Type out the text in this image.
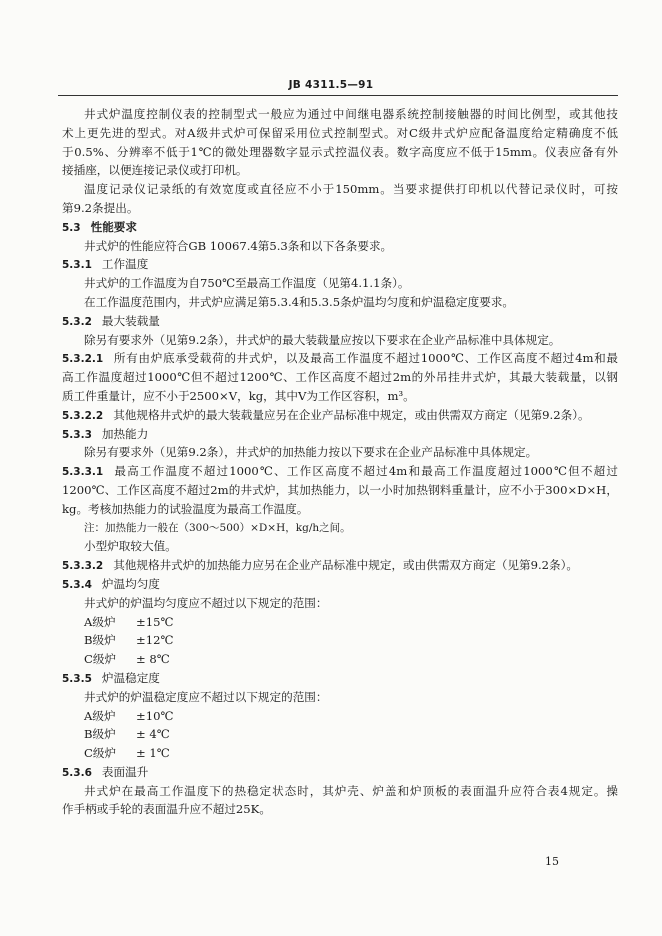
JB 4311.5—91
井式炉温度控制仪表的控制型式一般应为通过中间继电器系统控制接触器的时间比例型，或其他技
术上更先进的型式。对A级井式炉可保留采用位式控制型式。对C级井式炉应配备温度给定精确度不低
于0.5%、分辨率不低于1℃的微处理器数字显示式控温仪表。数字高度应不低于15mm。仪表应备有外
接插座，以便连接记录仪或打印机。
温度记录仪记录纸的有效宽度或直径应不小于150mm。当要求提供打印机以代替记录仪时，可按
第9.2条提出。
5.3 性能要求
井式炉的性能应符合GB 10067.4第5.3条和以下各条要求。
5.3.1 工作温度
井式炉的工作温度为自750℃至最高工作温度（见第4.1.1条）。
在工作温度范围内，井式炉应满足第5.3.4和5.3.5条炉温均匀度和炉温稳定度要求。
5.3.2 最大装载量
除另有要求外（见第9.2条），井式炉的最大装载量应按以下要求在企业产品标准中具体规定。
5.3.2.1 所有由炉底承受载荷的井式炉，以及最高工作温度不超过1000℃、工作区高度不超过4m和最
高工作温度超过1000℃但不超过1200℃、工作区高度不超过2m的外吊挂井式炉，其最大装载量，以钢
质工件重量计，应不小于2500×V，kg，其中V为工作区容积，m³。
5.3.2.2 其他规格井式炉的最大装载量应另在企业产品标准中规定，或由供需双方商定（见第9.2条）。
5.3.3 加热能力
除另有要求外（见第9.2条），井式炉的加热能力按以下要求在企业产品标准中具体规定。
5.3.3.1 最高工作温度不超过1000℃、工作区高度不超过4m和最高工作温度超过1000℃但不超过
1200℃、工作区高度不超过2m的井式炉，其加热能力，以一小时加热钢料重量计，应不小于300×D×H，
kg。考核加热能力的试验温度为最高工作温度。
注：加热能力一般在（300～500）×D×H，kg/h之间。
小型炉取较大值。
5.3.3.2 其他规格井式炉的加热能力应另在企业产品标准中规定，或由供需双方商定（见第9.2条）。
5.3.4 炉温均匀度
井式炉的炉温均匀度应不超过以下规定的范围：
A级炉 ±15℃
B级炉 ±12℃
C级炉 ± 8℃
5.3.5 炉温稳定度
井式炉的炉温稳定度应不超过以下规定的范围：
A级炉 ±10℃
B级炉 ± 4℃
C级炉 ± 1℃
5.3.6 表面温升
井式炉在最高工作温度下的热稳定状态时，其炉壳、炉盖和炉顶板的表面温升应符合表4规定。操
作手柄或手轮的表面温升应不超过25K。
15
